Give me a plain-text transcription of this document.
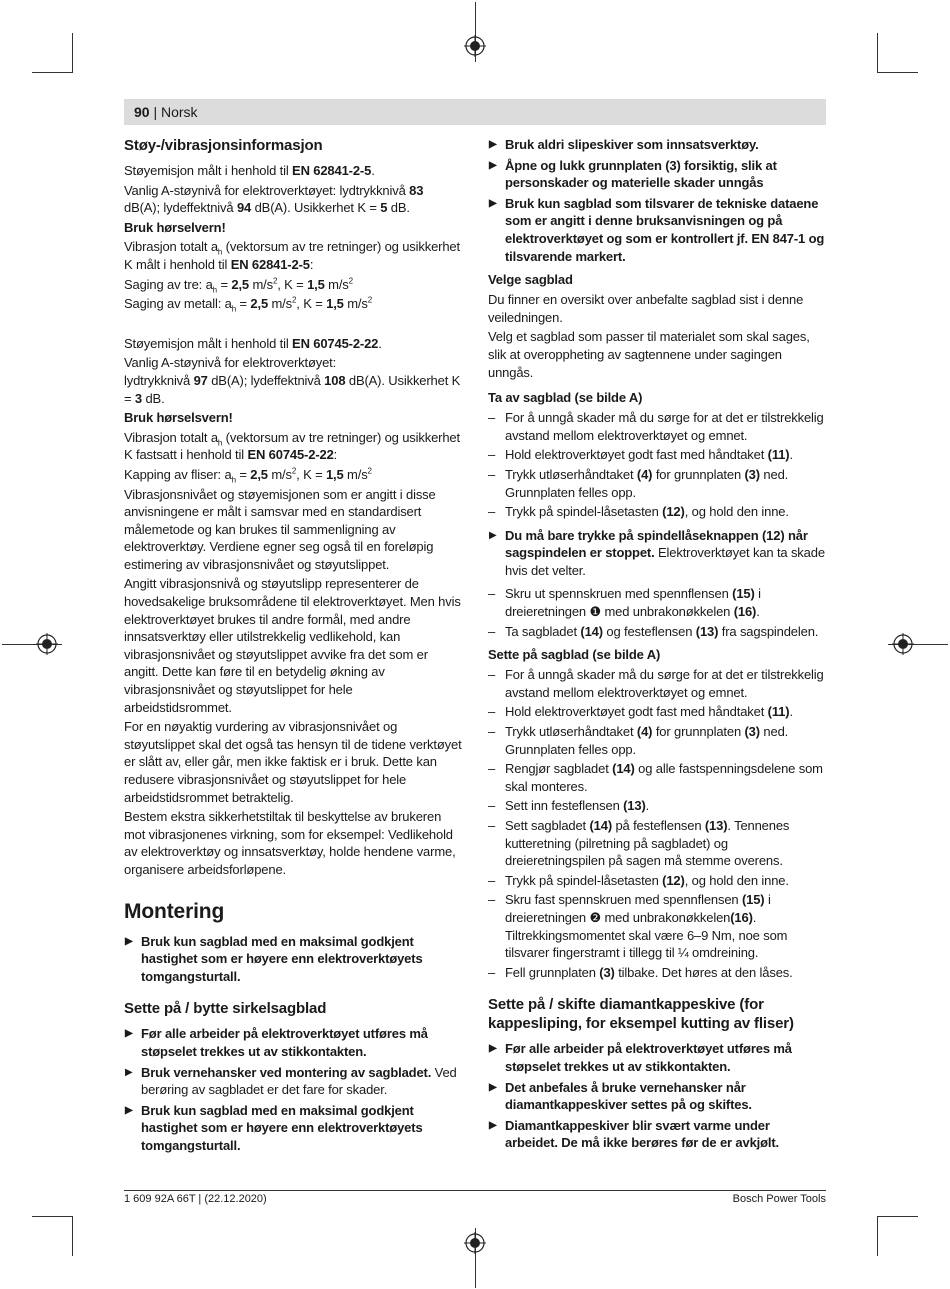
90 | Norsk
Støy-/vibrasjonsinformasjon

Støyemisjon målt i henhold til EN 62841-2-5.

Vanlig A-støynivå for elektroverktøyet: lydtrykknivå 83 dB(A); lydeffektnivå 94 dB(A). Usikkerhet K = 5 dB.

Bruk hørselvern!

Vibrasjon totalt $a_h$ (vektorsum av tre retninger) og usikkerhet K målt i henhold til EN 62841-2-5:

Saging av tre: $a_h = 2,5$ $m/s^2$, K = 1,5 $m/s^2$

Saging av metall: $a_h = 2,5$ $m/s^2$, K = 1,5 $m/s^2$

Støyemisjon målt i henhold til EN 60745-2-22.

Vanlig A-støynivå for elektroverktøyet:
lydtrykknivå 97 dB(A); lydeffektnivå 108 dB(A). Usikkerhet K = 3 dB.

Bruk hørselsvern!

Vibrasjon totalt $a_h$ (vektorsum av tre retninger) og usikkerhet K fastsatt i henhold til EN 60745-2-22:

Kapping av fliser: $a_h = 2,5$ $m/s^2$, K = 1,5 $m/s^2$

Vibrasjonsnivået og støyemisjonen som er angitt i disse anvisningene er målt i samsvar med en standardisert målemetode og kan brukes til sammenligning av elektroverktøy. Verdiene egner seg også til en foreløpig estimering av vibrasjonsnivået og støyutslippet.

Angitt vibrasjonsnivå og støyutslipp representerer de hovedsakelige bruksområdene til elektroverktøyet. Men hvis elektroverktøyet brukes til andre formål, med andre innsatsverktøy eller utilstrekkelig vedlikehold, kan vibrasjonsnivået og støyutslippet avvike fra det som er angitt. Dette kan føre til en betydelig økning av vibrasjonsnivået og støyutslippet for hele arbeidstidsrommet.

For en nøyaktig vurdering av vibrasjonsnivået og støyutslippet skal det også tas hensyn til de tidene verktøyet er slått av, eller går, men ikke faktisk er i bruk. Dette kan redusere vibrasjonsnivået og støyutslippet for hele arbeidstidsrommet betraktelig.

Bestem ekstra sikkerhetstiltak til beskyttelse av brukeren mot vibrasjonenes virkning, som for eksempel: Vedlikehold av elektroverktøy og innsatsverktøy, holde hendene varme, organisere arbeidsforløpene.

Montering
▶ Bruk kun sagblad med en maksimal godkjent hastighet som er høyere enn elektroverktøyets tomgangsturtall.
Sette på / bytte sirkelsagblad
▶ Før alle arbeider på elektroverktøyet utføres må støpselet trekkes ut av stikkontakten.
▶ Bruk vernehansker ved montering av sagbladet. Ved berøring av sagbladet er det fare for skader.
▶ Bruk kun sagblad med en maksimal godkjent hastighet som er høyere enn elektroverktøyets tomgangsturtall.
▶ Bruk aldri slipeskiver som innsatsverktøy.
▶ Åpne og lukk grunnplaten (3) forsiktig, slik at personskader og materielle skader unngås
▶ Bruk kun sagblad som tilsvarer de tekniske dataene som er angitt i denne bruksanvisningen og på elektroverktøyet og som er kontrollert jf. EN 847-1 og tilsvarende markert.
Velge sagblad

Du finner en oversikt over anbefalte sagblad sist i denne veiledningen.

Velg et sagblad som passer til materialet som skal sages, slik at overoppheting av sagtennene under sagingen unngås.

Ta av sagblad (se bilde A)
– For å unngå skader må du sørge for at det er tilstrekkelig avstand mellom elektroverktøyet og emnet.
– Hold elektroverktøyet godt fast med håndtaket (11).
– Trykk utløserhåndtaket (4) for grunnplaten (3) ned. Grunnplaten felles opp.
– Trykk på spindel-låsetasten (12), og hold den inne.
▶ Du må bare trykke på spindellåseknappen (12) når sagspindelen er stoppet. Elektroverktøyet kan ta skade hvis det velter.
– Skru ut spennskruen med spennflensen (15) i dreieretningen ❶ med unbrakonøkkelen (16).
– Ta sagbladet (14) og festeflensen (13) fra sagspindelen.
Sette på sagblad (se bilde A)
– For å unngå skader må du sørge for at det er tilstrekkelig avstand mellom elektroverktøyet og emnet.
– Hold elektroverktøyet godt fast med håndtaket (11).
– Trykk utløserhåndtaket (4) for grunnplaten (3) ned. Grunnplaten felles opp.
– Rengjør sagbladet (14) og alle fastspenningsdelene som skal monteres.
– Sett inn festeflensen (13).
– Sett sagbladet (14) på festeflensen (13). Tennenes kutteretning (pilretning på sagbladet) og dreieretningspilen på sagen må stemme overens.
– Trykk på spindel-låsetasten (12), og hold den inne.
– Skru fast spennskruen med spennflensen (15) i dreieretningen ❷ med unbrakonøkkelen(16). Tiltrekkingsmomentet skal være 6–9 Nm, noe som tilsvarer fingerstramt i tillegg til ¼ omdreining.
– Fell grunnplaten (3) tilbake. Det høres at den låses.
Sette på / skifte diamantkappeskive (for kappesliping, for eksempel kutting av fliser)
▶ Før alle arbeider på elektroverktøyet utføres må støpselet trekkes ut av stikkontakten.
▶ Det anbefales å bruke vernehansker når diamantkappeskiver settes på og skiftes.
▶ Diamantkappeskiver blir svært varme under arbeidet. De må ikke berøres før de er avkjølt.
1 609 92A 66T | (22.12.2020)	Bosch Power Tools
